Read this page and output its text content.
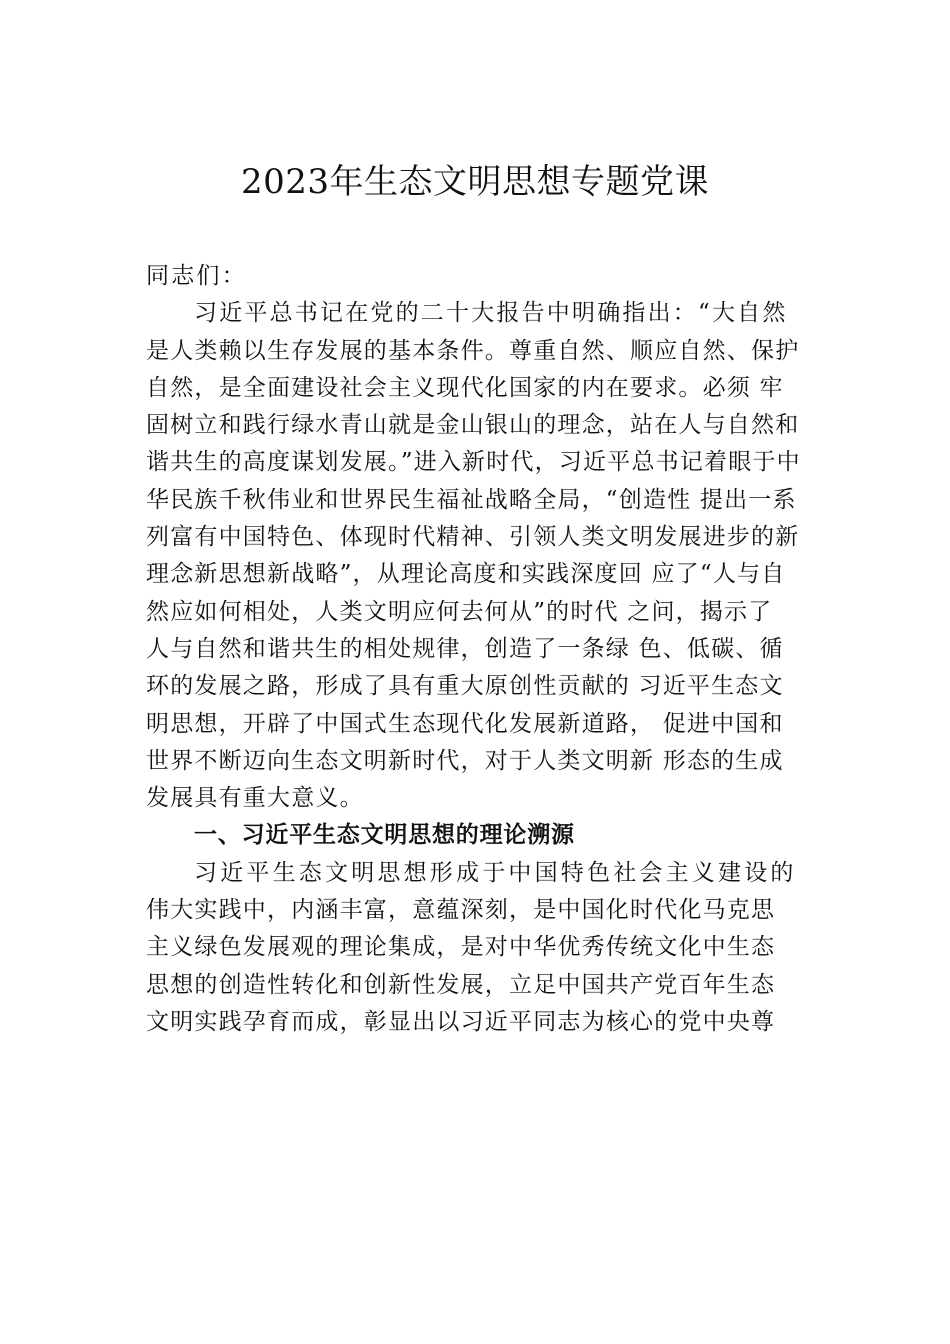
2023年生态文明思想专题党课
同志们：
习近平总书记在党的二十大报告中明确指出：“大自然
是人类赖以生存发展的基本条件。尊重自然、顺应自然、保护
自然，是全面建设社会主义现代化国家的内在要求。必须 牢
固树立和践行绿水青山就是金山银山的理念，站在人与自然和
谐共生的高度谋划发展。”进入新时代，习近平总书记着眼于中
华民族千秋伟业和世界民生福祉战略全局，“创造性 提出一系
列富有中国特色、体现时代精神、引领人类文明发展进步的新
理念新思想新战略”，从理论高度和实践深度回 应了“人与自
然应如何相处，人类文明应何去何从”的时代 之问，揭示了
人与自然和谐共生的相处规律，创造了一条绿 色、低碳、循
环的发展之路，形成了具有重大原创性贡献的 习近平生态文
明思想，开辟了中国式生态现代化发展新道路， 促进中国和
世界不断迈向生态文明新时代，对于人类文明新 形态的生成
发展具有重大意义。
一、习近平生态文明思想的理论溯源
习近平生态文明思想形成于中国特色社会主义建设的
伟大实践中，内涵丰富，意蕴深刻，是中国化时代化马克思
主义绿色发展观的理论集成，是对中华优秀传统文化中生态
思想的创造性转化和创新性发展，立足中国共产党百年生态
文明实践孕育而成，彰显出以习近平同志为核心的党中央尊
